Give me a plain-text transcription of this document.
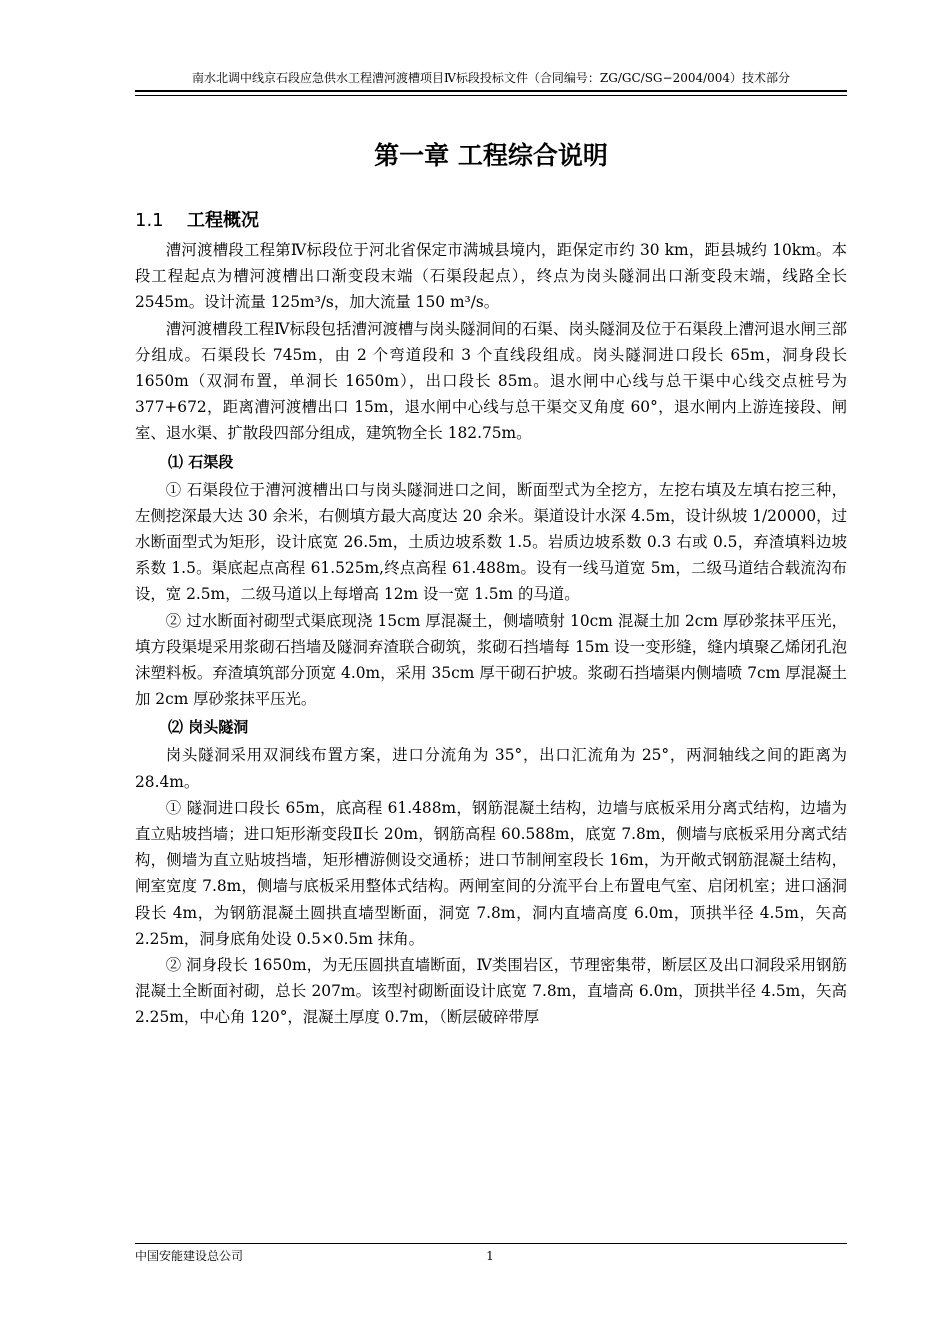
南水北调中线京石段应急供水工程漕河渡槽项目Ⅳ标段投标文件（合同编号：ZG/GC/SG−2004/004）技术部分
第一章 工程综合说明
1.1 工程概况

漕河渡槽段工程第Ⅳ标段位于河北省保定市满城县境内，距保定市约 30 km，距县城约 10km。本段工程起点为槽河渡槽出口渐变段末端（石渠段起点），终点为岗头隧洞出口渐变段末端，线路全长 2545m。设计流量 125m³/s，加大流量 150 m³/s。

漕河渡槽段工程Ⅳ标段包括漕河渡槽与岗头隧洞间的石渠、岗头隧洞及位于石渠段上漕河退水闸三部分组成。石渠段长 745m，由 2 个弯道段和 3 个直线段组成。岗头隧洞进口段长 65m，洞身段长 1650m（双洞布置，单洞长 1650m），出口段长 85m。退水闸中心线与总干渠中心线交点桩号为 377+672，距离漕河渡槽出口 15m，退水闸中心线与总干渠交叉角度 60°，退水闸内上游连接段、闸室、退水渠、扩散段四部分组成，建筑物全长 182.75m。

⑴ 石渠段

① 石渠段位于漕河渡槽出口与岗头隧洞进口之间，断面型式为全挖方，左挖右填及左填右挖三种，左侧挖深最大达 30 余米，右侧填方最大高度达 20 余米。渠道设计水深 4.5m，设计纵坡 1/20000，过水断面型式为矩形，设计底宽 26.5m，土质边坡系数 1.5。岩质边坡系数 0.3 右或 0.5，弃渣填料边坡系数 1.5。渠底起点高程 61.525m,终点高程 61.488m。设有一线马道宽 5m，二级马道结合载流沟布设，宽 2.5m，二级马道以上每增高 12m 设一宽 1.5m 的马道。

② 过水断面衬砌型式渠底现浇 15cm 厚混凝土，侧墙喷射 10cm 混凝土加 2cm 厚砂浆抹平压光，填方段渠堤采用浆砌石挡墙及隧洞弃渣联合砌筑，浆砌石挡墙每 15m 设一变形缝，缝内填聚乙烯闭孔泡沫塑料板。弃渣填筑部分顶宽 4.0m，采用 35cm 厚干砌石护坡。浆砌石挡墙渠内侧墙喷 7cm 厚混凝土加 2cm 厚砂浆抹平压光。

⑵ 岗头隧洞

岗头隧洞采用双洞线布置方案，进口分流角为 35°，出口汇流角为 25°，两洞轴线之间的距离为 28.4m。

① 隧洞进口段长 65m，底高程 61.488m，钢筋混凝土结构，边墙与底板采用分离式结构，边墙为直立贴坡挡墙；进口矩形渐变段Ⅱ长 20m，钢筋高程 60.588m，底宽 7.8m，侧墙与底板采用分离式结构，侧墙为直立贴坡挡墙，矩形槽游侧设交通桥；进口节制闸室段长 16m，为开敞式钢筋混凝土结构，闸室宽度 7.8m，侧墙与底板采用整体式结构。两闸室间的分流平台上布置电气室、启闭机室；进口涵洞段长 4m，为钢筋混凝土圆拱直墙型断面，洞宽 7.8m，洞内直墙高度 6.0m，顶拱半径 4.5m，矢高 2.25m，洞身底角处设 0.5×0.5m 抹角。

② 洞身段长 1650m，为无压圆拱直墙断面，Ⅳ类围岩区，节理密集带，断层区及出口洞段采用钢筋混凝土全断面衬砌，总长 207m。该型衬砌断面设计底宽 7.8m，直墙高 6.0m，顶拱半径 4.5m，矢高 2.25m，中心角 120°，混凝土厚度 0.7m，（断层破碎带厚

中国安能建设总公司	1
